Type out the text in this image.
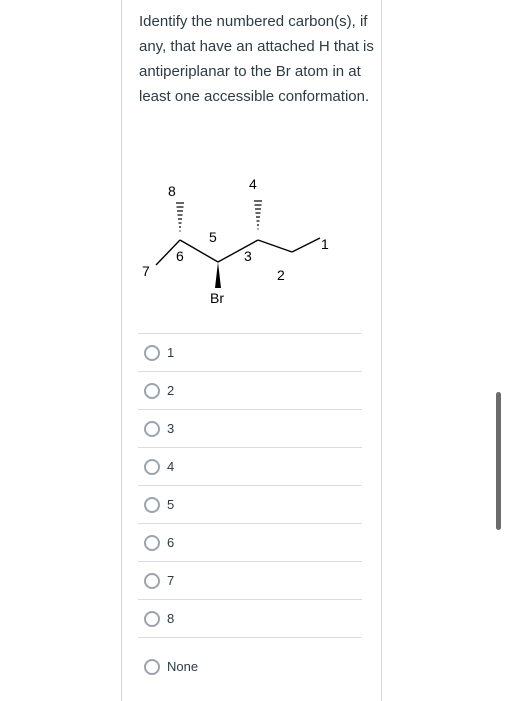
Identify the numbered carbon(s), if any, that have an attached H that is antiperiplanar to the Br atom in at least one accessible conformation.
8	4
5
6	3
1
7	2
Br
1
2
3
4
5
6
7
8
None
